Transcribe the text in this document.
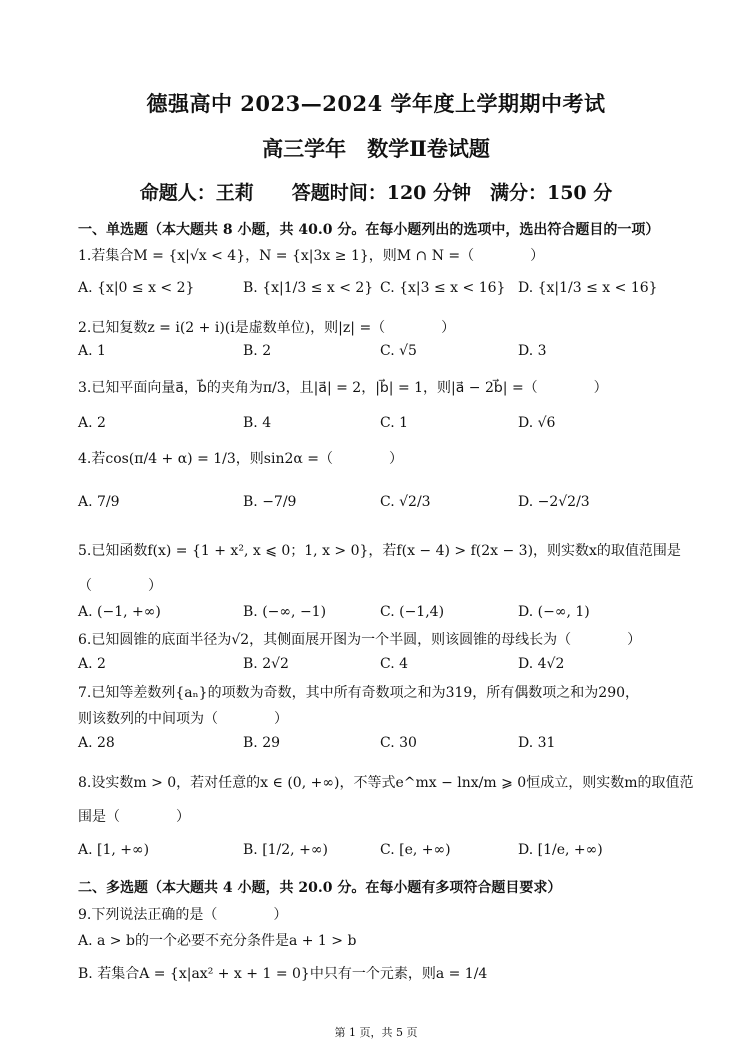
德强高中 2023—2024 学年度上学期期中考试
高三学年　数学Ⅱ卷试题
命题人：王莉　　答题时间：120 分钟　满分：150 分
一、单选题（本大题共 8 小题，共 40.0 分。在每小题列出的选项中，选出符合题目的一项）
1.若集合M = {x|√x < 4}，N = {x|3x ≥ 1}，则M ∩ N =（　　　　）
A. {x|0 ≤ x < 2}	B. {x|1/3 ≤ x < 2} C. {x|3 ≤ x < 16} D. {x|1/3 ≤ x < 16}
2.已知复数z = i(2 + i)(i是虚数单位)，则|z| =（　　　　）
A. 1	B. 2	C. √5	D. 3
3.已知平面向量a⃗，b⃗的夹角为π/3，且|a⃗| = 2，|b⃗| = 1，则|a⃗ − 2b⃗| =（　　　　）
A. 2	B. 4	C. 1	D. √6
4.若cos(π/4 + α) = 1/3，则sin2α =（　　　　）
A. 7/9	B. −7/9	C. √2/3	D. −2√2/3
5.已知函数f(x) = {1 + x², x ⩽ 0；1, x > 0}，若f(x − 4) > f(2x − 3)，则实数x的取值范围是
（　　　　）
A. (−1, +∞)	B. (−∞, −1)	C. (−1,4)	D. (−∞, 1)
6.已知圆锥的底面半径为√2，其侧面展开图为一个半圆，则该圆锥的母线长为（　　　　）
A. 2	B. 2√2	C. 4	D. 4√2
7.已知等差数列{aₙ}的项数为奇数，其中所有奇数项之和为319，所有偶数项之和为290，
则该数列的中间项为（　　　　）
A. 28	B. 29	C. 30	D. 31
8.设实数m > 0，若对任意的x ∈ (0, +∞)，不等式e^mx − lnx/m ⩾ 0恒成立，则实数m的取值范
围是（　　　　）
A. [1, +∞)	B. [1/2, +∞)	C. [e, +∞)	D. [1/e, +∞)
二、多选题（本大题共 4 小题，共 20.0 分。在每小题有多项符合题目要求）
9.下列说法正确的是（　　　　）
A. a > b的一个必要不充分条件是a + 1 > b
B. 若集合A = {x|ax² + x + 1 = 0}中只有一个元素，则a = 1/4
第 1 页，共 5 页
